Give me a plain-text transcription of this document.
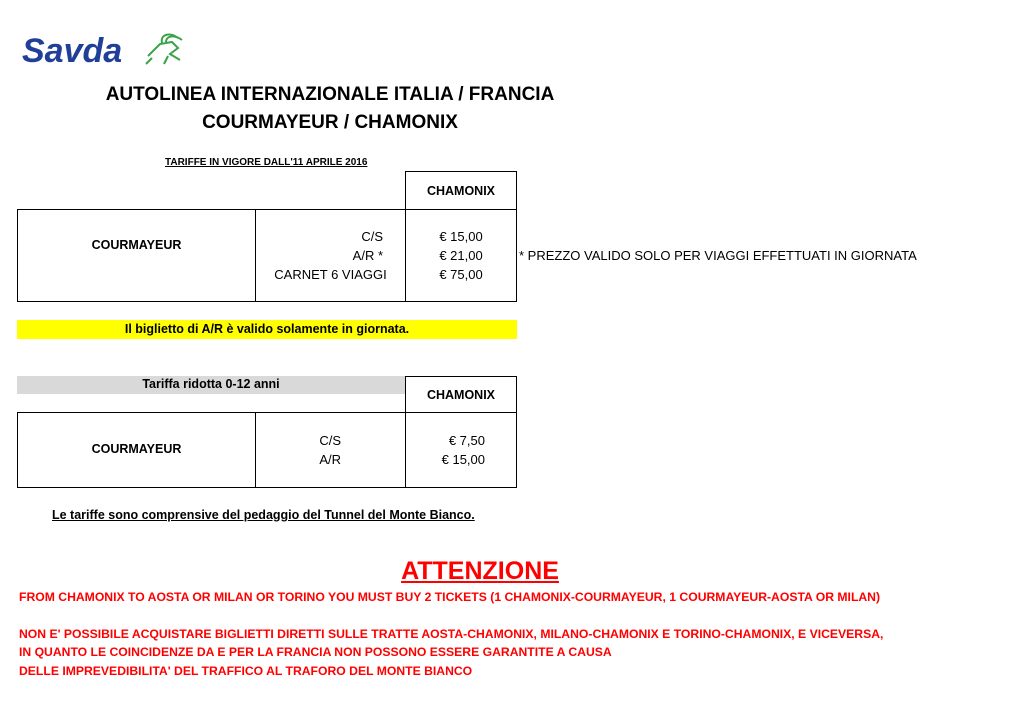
Savda
AUTOLINEA INTERNAZIONALE ITALIA / FRANCIA
COURMAYEUR / CHAMONIX
TARIFFE IN VIGORE DALL'11 APRILE 2016
CHAMONIX
COURMAYEUR
C/S
A/R *
CARNET 6 VIAGGI
€ 15,00
€ 21,00
€ 75,00
* PREZZO VALIDO SOLO PER VIAGGI EFFETTUATI IN GIORNATA
Il biglietto di A/R è valido solamente in giornata.
Tariffa ridotta 0-12 anni
CHAMONIX
COURMAYEUR
C/S
A/R
€ 7,50
€ 15,00
Le tariffe sono comprensive del pedaggio del Tunnel del Monte Bianco.
ATTENZIONE
FROM CHAMONIX TO AOSTA OR MILAN OR TORINO YOU MUST BUY 2 TICKETS (1 CHAMONIX-COURMAYEUR, 1 COURMAYEUR-AOSTA OR MILAN)
NON E' POSSIBILE ACQUISTARE BIGLIETTI DIRETTI SULLE TRATTE AOSTA-CHAMONIX, MILANO-CHAMONIX E TORINO-CHAMONIX, E VICEVERSA,
IN QUANTO LE COINCIDENZE DA E PER LA FRANCIA NON POSSONO ESSERE GARANTITE A CAUSA
DELLE IMPREVEDIBILITA' DEL TRAFFICO AL TRAFORO DEL MONTE BIANCO
